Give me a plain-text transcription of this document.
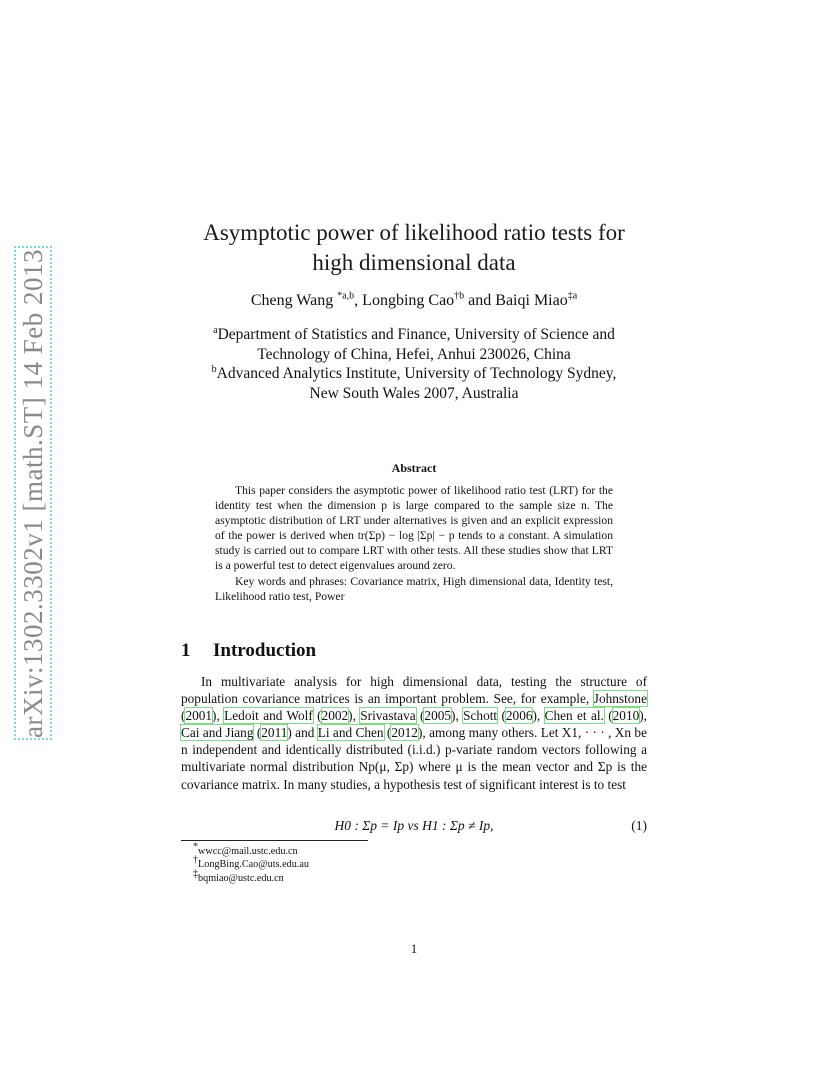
arXiv:1302.3302v1 [math.ST] 14 Feb 2013
Asymptotic power of likelihood ratio tests for
high dimensional data
Cheng Wang $^{*a,b}$, Longbing Cao$^{\dagger b}$ and Baiqi Miao$^{\ddagger a}$
$^a$Department of Statistics and Finance, University of Science and
Technology of China, Hefei, Anhui 230026, China
$^b$Advanced Analytics Institute, University of Technology Sydney,
New South Wales 2007, Australia
Abstract

This paper considers the asymptotic power of likelihood ratio test (LRT) for the identity test when the dimension p is large compared to the sample size n. The asymptotic distribution of LRT under alternatives is given and an explicit expression of the power is derived when tr(Σp) − log |Σp| − p tends to a constant. A simulation study is carried out to compare LRT with other tests. All these studies show that LRT is a powerful test to detect eigenvalues around zero.

Key words and phrases: Covariance matrix, High dimensional data, Identity test, Likelihood ratio test, Power

1 Introduction

In multivariate analysis for high dimensional data, testing the structure of population covariance matrices is an important problem. See, for example, Johnstone (2001), Ledoit and Wolf (2002), Srivastava (2005), Schott (2006), Chen et al. (2010), Cai and Jiang (2011) and Li and Chen (2012), among many others. Let X1, · · · , Xn be n independent and identically distributed (i.i.d.) p-variate random vectors following a multivariate normal distribution Np(μ, Σp) where μ is the mean vector and Σp is the covariance matrix. In many studies, a hypothesis test of significant interest is to test

H0 : Σp = Ip vs H1 : Σp ≠ Ip,	(1)
*wwcc@mail.ustc.edu.cn
†LongBing.Cao@uts.edu.au
‡bqmiao@ustc.edu.cn
1
